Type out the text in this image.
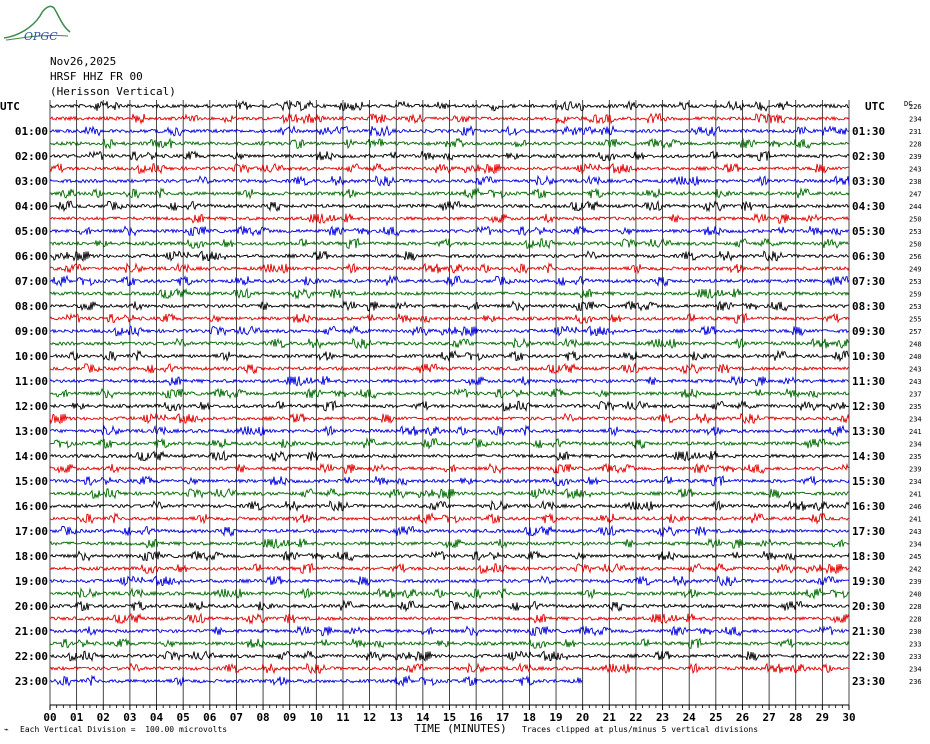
OPGC
Nov26,2025
HRSF HHZ FR 00
(Herisson Vertical)
UTC
01:00
02:00
03:00
04:00
05:00
06:00
07:00
08:00
09:00
10:00
11:00
12:00
13:00
14:00
15:00
16:00
17:00
18:00
19:00
20:00
21:00
22:00
23:00
UTC
01:30
02:30
03:30
04:30
05:30
06:30
07:30
08:30
09:30
10:30
11:30
12:30
13:30
14:30
15:30
16:30
17:30
18:30
19:30
20:30
21:30
22:30
23:30
DC
226
234
231
228
239
243
238
247
244
250
253
250
256
249
253
259
253
255
257
248
240
243
243
237
235
234
241
234
235
239
234
241
246
241
243
234
245
242
239
240
228
228
230
233
233
234
236
00 01 02 03 04 05 06 07 08 09 10 11 12 13 14 15 16 17 18 19 20 21 22 23 24 25 26 27 28 29 30
⌁ Each Vertical Division =  100.00 microvolts	TIME (MINUTES) Traces clipped at plus/minus 5 vertical divisions
